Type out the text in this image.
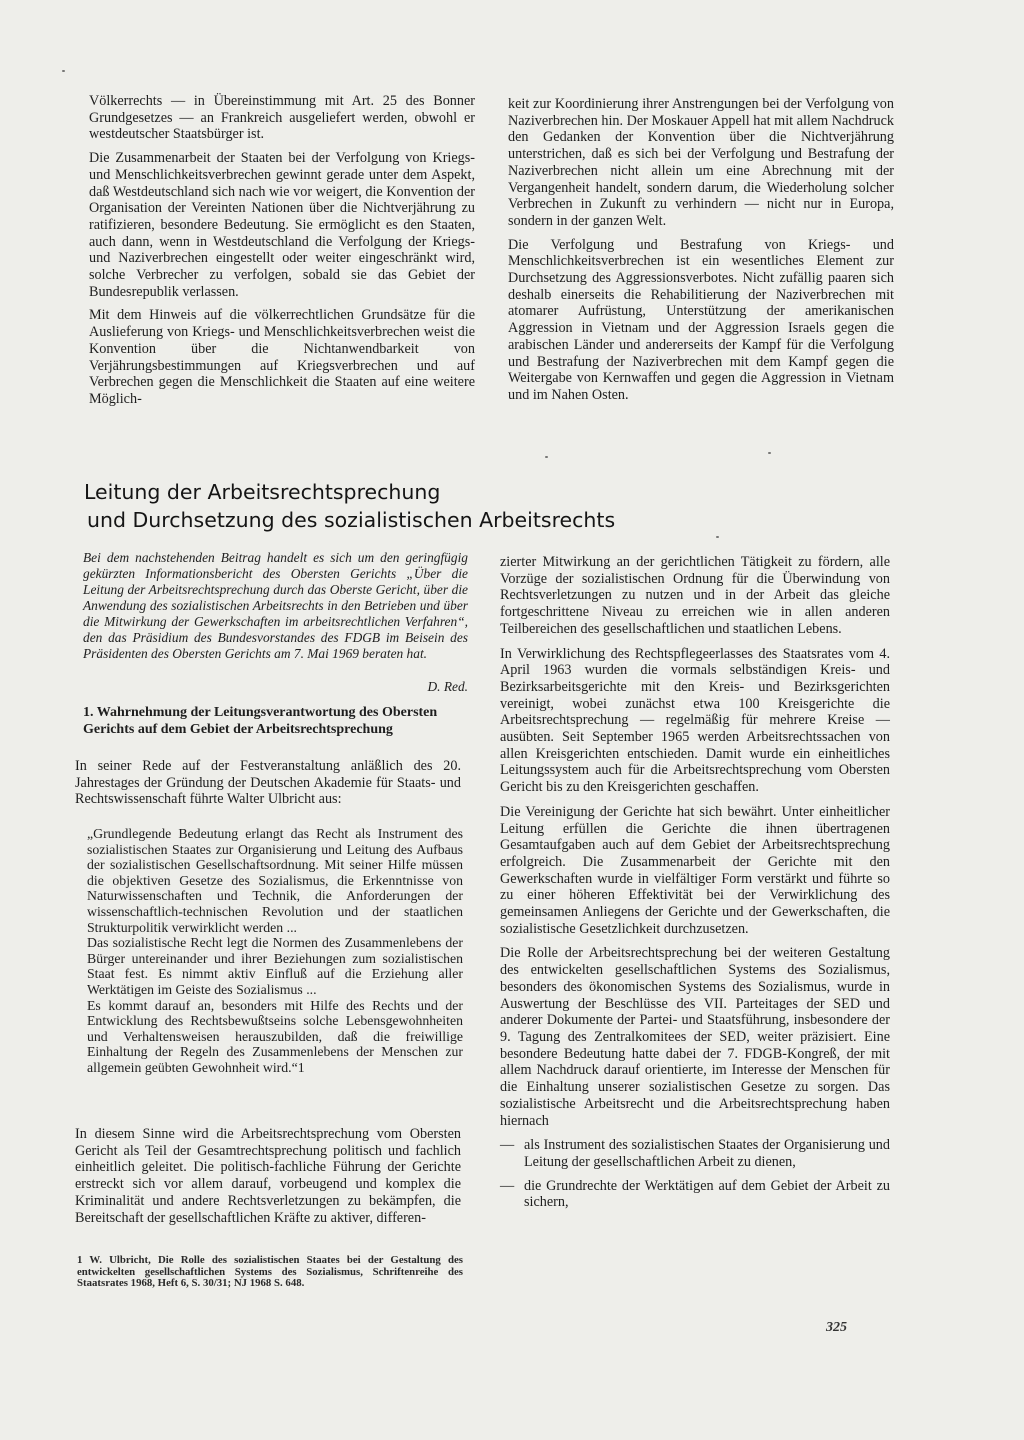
Völkerrechts — in Übereinstimmung mit Art. 25 des Bonner Grundgesetzes — an Frankreich ausgeliefert werden, obwohl er westdeutscher Staatsbürger ist.

Die Zusammenarbeit der Staaten bei der Verfolgung von Kriegs- und Menschlichkeitsverbrechen gewinnt gerade unter dem Aspekt, daß Westdeutschland sich nach wie vor weigert, die Konvention der Organisation der Vereinten Nationen über die Nichtverjährung zu ratifizieren, besondere Bedeutung. Sie ermöglicht es den Staaten, auch dann, wenn in Westdeutschland die Verfolgung der Kriegs- und Naziverbrechen eingestellt oder weiter eingeschränkt wird, solche Verbrecher zu verfolgen, sobald sie das Gebiet der Bundesrepublik verlassen.

Mit dem Hinweis auf die völkerrechtlichen Grundsätze für die Auslieferung von Kriegs- und Menschlichkeitsverbrechen weist die Konvention über die Nichtanwendbarkeit von Verjährungsbestimmungen auf Kriegsverbrechen und auf Verbrechen gegen die Menschlichkeit die Staaten auf eine weitere Möglich-

keit zur Koordinierung ihrer Anstrengungen bei der Verfolgung von Naziverbrechen hin. Der Moskauer Appell hat mit allem Nachdruck den Gedanken der Konvention über die Nichtverjährung unterstrichen, daß es sich bei der Verfolgung und Bestrafung der Naziverbrechen nicht allein um eine Abrechnung mit der Vergangenheit handelt, sondern darum, die Wiederholung solcher Verbrechen in Zukunft zu verhindern — nicht nur in Europa, sondern in der ganzen Welt.

Die Verfolgung und Bestrafung von Kriegs- und Menschlichkeitsverbrechen ist ein wesentliches Element zur Durchsetzung des Aggressionsverbotes. Nicht zufällig paaren sich deshalb einerseits die Rehabilitierung der Naziverbrechen mit atomarer Aufrüstung, Unterstützung der amerikanischen Aggression in Vietnam und der Aggression Israels gegen die arabischen Länder und andererseits der Kampf für die Verfolgung und Bestrafung der Naziverbrechen mit dem Kampf gegen die Weitergabe von Kernwaffen und gegen die Aggression in Vietnam und im Nahen Osten.

Leitung der Arbeitsrechtsprechung
und Durchsetzung des sozialistischen Arbeitsrechts
Bei dem nachstehenden Beitrag handelt es sich um den geringfügig gekürzten Informationsbericht des Obersten Gerichts „Über die Leitung der Arbeitsrechtsprechung durch das Oberste Gericht, über die Anwendung des sozialistischen Arbeitsrechts in den Betrieben und über die Mitwirkung der Gewerkschaften im arbeitsrechtlichen Verfahren“, den das Präsidium des Bundesvorstandes des FDGB im Beisein des Präsidenten des Obersten Gerichts am 7. Mai 1969 beraten hat.
D. Red.
1. Wahrnehmung der Leitungsverantwortung des Obersten Gerichts auf dem Gebiet der Arbeitsrechtsprechung

In seiner Rede auf der Festveranstaltung anläßlich des 20. Jahrestages der Gründung der Deutschen Akademie für Staats- und Rechtswissenschaft führte Walter Ulbricht aus:

„Grundlegende Bedeutung erlangt das Recht als Instrument des sozialistischen Staates zur Organisierung und Leitung des Aufbaus der sozialistischen Gesellschaftsordnung. Mit seiner Hilfe müssen die objektiven Gesetze des Sozialismus, die Erkenntnisse von Naturwissenschaften und Technik, die Anforderungen der wissenschaftlich-technischen Revolution und der staatlichen Strukturpolitik verwirklicht werden ...
Das sozialistische Recht legt die Normen des Zusammenlebens der Bürger untereinander und ihrer Beziehungen zum sozialistischen Staat fest. Es nimmt aktiv Einfluß auf die Erziehung aller Werktätigen im Geiste des Sozialismus ...
Es kommt darauf an, besonders mit Hilfe des Rechts und der Entwicklung des Rechtsbewußtseins solche Lebensgewohnheiten und Verhaltensweisen herauszubilden, daß die freiwillige Einhaltung der Regeln des Zusammenlebens der Menschen zur allgemein geübten Gewohnheit wird.“1

In diesem Sinne wird die Arbeitsrechtsprechung vom Obersten Gericht als Teil der Gesamtrechtsprechung politisch und fachlich einheitlich geleitet. Die politisch-fachliche Führung der Gerichte erstreckt sich vor allem darauf, vorbeugend und komplex die Kriminalität und andere Rechtsverletzungen zu bekämpfen, die Bereitschaft der gesellschaftlichen Kräfte zu aktiver, differen-

1 W. Ulbricht, Die Rolle des sozialistischen Staates bei der Gestaltung des entwickelten gesellschaftlichen Systems des Sozialismus, Schriftenreihe des Staatsrates 1968, Heft 6, S. 30/31; NJ 1968 S. 648.

zierter Mitwirkung an der gerichtlichen Tätigkeit zu fördern, alle Vorzüge der sozialistischen Ordnung für die Überwindung von Rechtsverletzungen zu nutzen und in der Arbeit das gleiche fortgeschrittene Niveau zu erreichen wie in allen anderen Teilbereichen des gesellschaftlichen und staatlichen Lebens.

In Verwirklichung des Rechtspflegeerlasses des Staatsrates vom 4. April 1963 wurden die vormals selbständigen Kreis- und Bezirksarbeitsgerichte mit den Kreis- und Bezirksgerichten vereinigt, wobei zunächst etwa 100 Kreisgerichte die Arbeitsrechtsprechung — regelmäßig für mehrere Kreise — ausübten. Seit September 1965 werden Arbeitsrechtssachen von allen Kreisgerichten entschieden. Damit wurde ein einheitliches Leitungssystem auch für die Arbeitsrechtsprechung vom Obersten Gericht bis zu den Kreisgerichten geschaffen.

Die Vereinigung der Gerichte hat sich bewährt. Unter einheitlicher Leitung erfüllen die Gerichte die ihnen übertragenen Gesamtaufgaben auch auf dem Gebiet der Arbeitsrechtsprechung erfolgreich. Die Zusammenarbeit der Gerichte mit den Gewerkschaften wurde in vielfältiger Form verstärkt und führte so zu einer höheren Effektivität bei der Verwirklichung des gemeinsamen Anliegens der Gerichte und der Gewerkschaften, die sozialistische Gesetzlichkeit durchzusetzen.

Die Rolle der Arbeitsrechtsprechung bei der weiteren Gestaltung des entwickelten gesellschaftlichen Systems des Sozialismus, besonders des ökonomischen Systems des Sozialismus, wurde in Auswertung der Beschlüsse des VII. Parteitages der SED und anderer Dokumente der Partei- und Staatsführung, insbesondere der 9. Tagung des Zentralkomitees der SED, weiter präzisiert. Eine besondere Bedeutung hatte dabei der 7. FDGB-Kongreß, der mit allem Nachdruck darauf orientierte, im Interesse der Menschen für die Einhaltung unserer sozialistischen Gesetze zu sorgen. Das sozialistische Arbeitsrecht und die Arbeitsrechtsprechung haben hiernach

— als Instrument des sozialistischen Staates der Organisierung und Leitung der gesellschaftlichen Arbeit zu dienen,
— die Grundrechte der Werktätigen auf dem Gebiet der Arbeit zu sichern,
325
